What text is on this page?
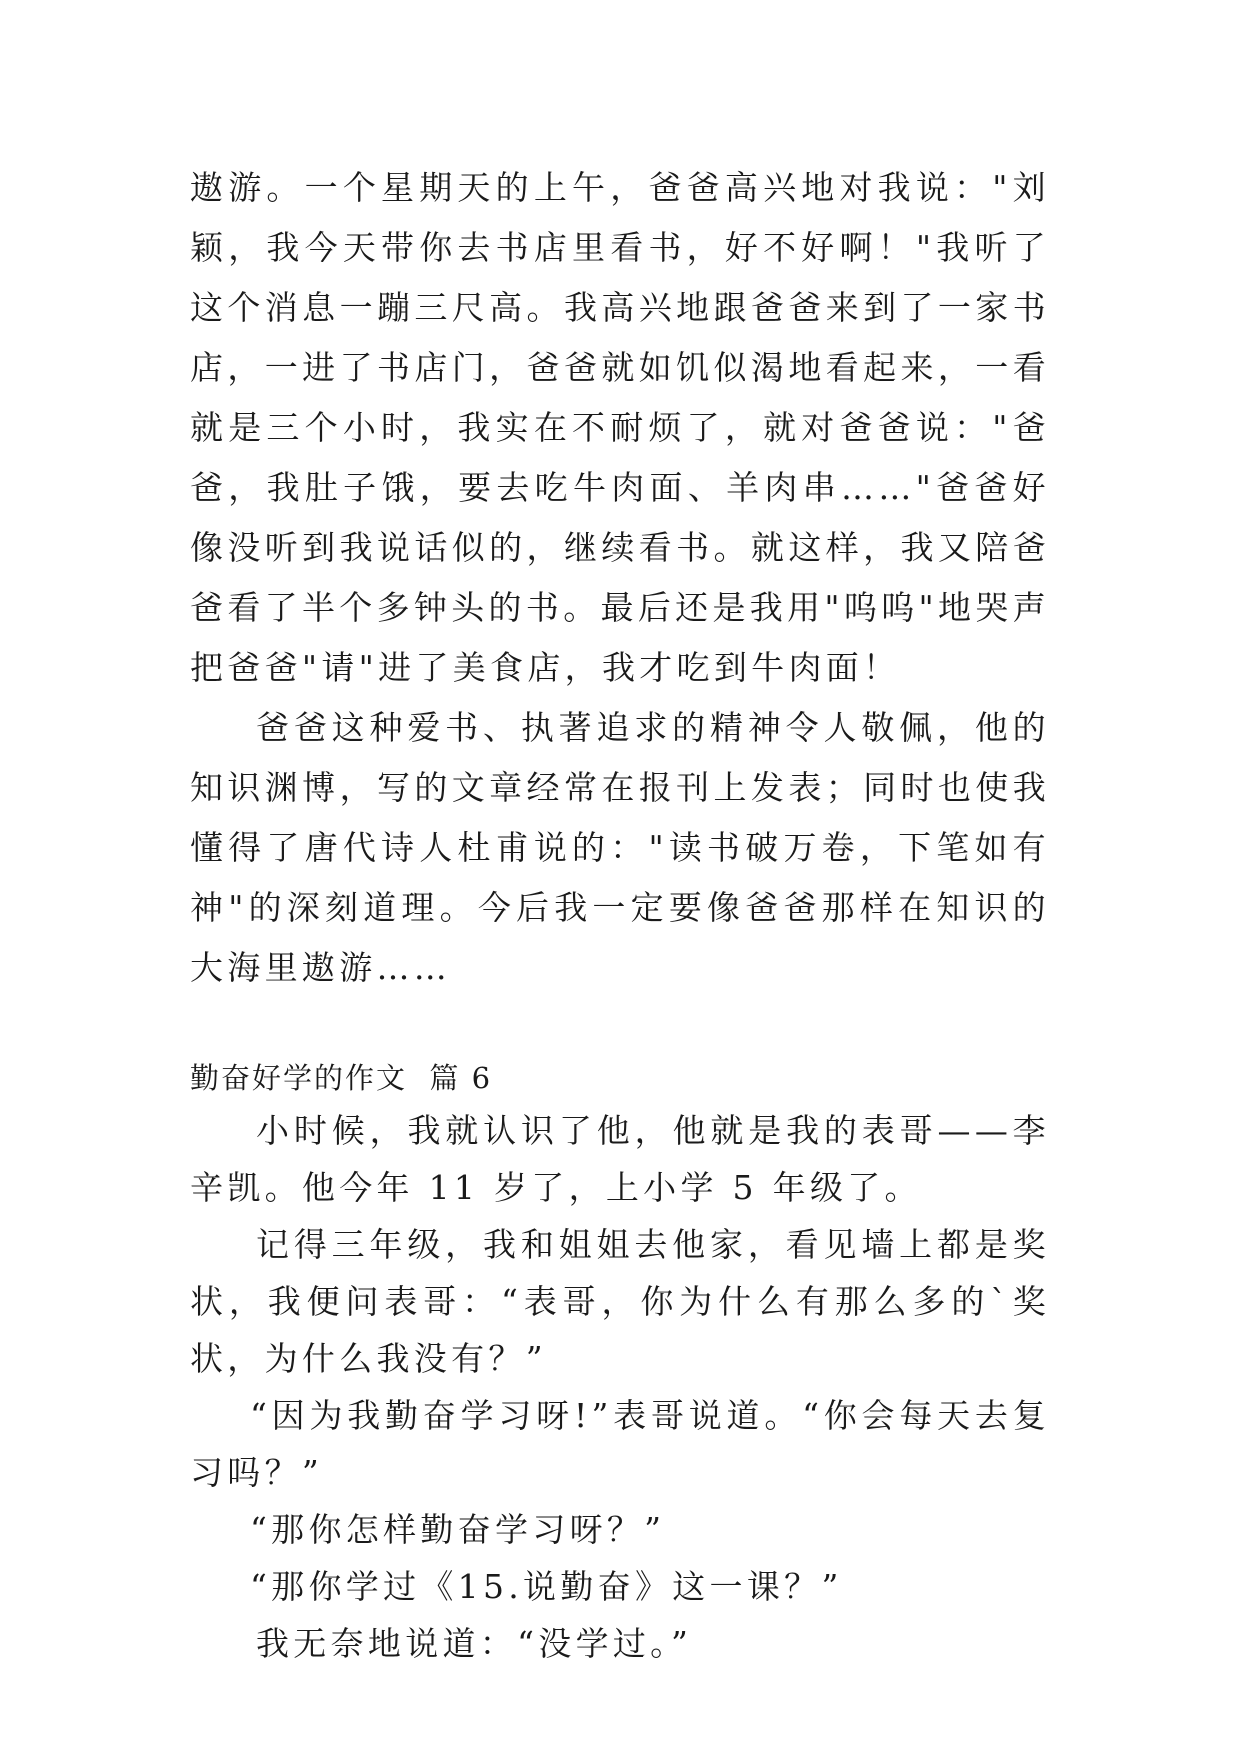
遨游。一个星期天的上午，爸爸高兴地对我说："刘颖，我今天带你去书店里看书，好不好啊！"我听了这个消息一蹦三尺高。我高兴地跟爸爸来到了一家书店，一进了书店门，爸爸就如饥似渴地看起来，一看就是三个小时，我实在不耐烦了，就对爸爸说："爸爸，我肚子饿，要去吃牛肉面、羊肉串……"爸爸好像没听到我说话似的，继续看书。就这样，我又陪爸爸看了半个多钟头的书。最后还是我用"呜呜"地哭声把爸爸"请"进了美食店，我才吃到牛肉面！

爸爸这种爱书、执著追求的精神令人敬佩，他的知识渊博，写的文章经常在报刊上发表；同时也使我懂得了唐代诗人杜甫说的："读书破万卷，下笔如有神"的深刻道理。今后我一定要像爸爸那样在知识的大海里遨游……

勤奋好学的作文  篇 6

小时候，我就认识了他，他就是我的表哥——李辛凯。他今年 11 岁了，上小学 5 年级了。

记得三年级，我和姐姐去他家，看见墙上都是奖状，我便问表哥：“表哥，你为什么有那么多的`奖状，为什么我没有？”

“因为我勤奋学习呀!”表哥说道。“你会每天去复习吗？”

“那你怎样勤奋学习呀？”

“那你学过《15.说勤奋》这一课？”

我无奈地说道：“没学过。”
